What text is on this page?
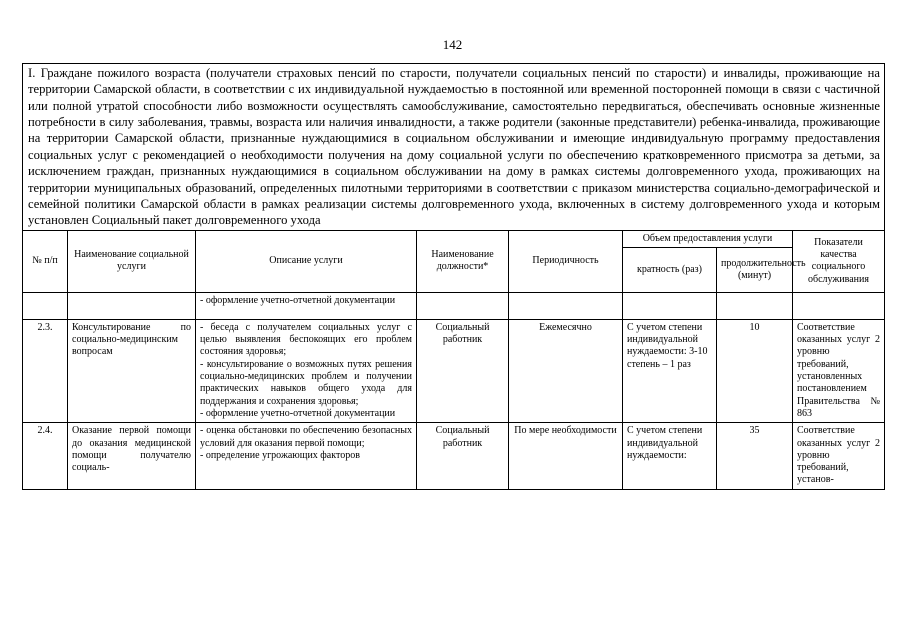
142
I. Граждане пожилого возраста (получатели страховых пенсий по старости, получатели социальных пенсий по старости) и инвалиды, проживающие на территории Самарской области, в соответствии с их индивидуальной нуждаемостью в постоянной или временной посторонней помощи в связи с частичной или полной утратой способности либо возможности осуществлять самообслуживание, самостоятельно передвигаться, обеспечивать основные жизненные потребности в силу заболевания, травмы, возраста или наличия инвалидности, а также родители (законные представители) ребенка-инвалида, проживающие на территории Самарской области, признанные нуждающимися в социальном обслуживании и имеющие индивидуальную программу предоставления социальных услуг с рекомендацией о необходимости получения на дому социальной услуги по обеспечению кратковременного присмотра за детьми, за исключением граждан, признанных нуждающимися в социальном обслуживании на дому в рамках системы долговременного ухода, проживающих на территории муниципальных образований, определенных пилотными территориями в соответствии с приказом министерства социально-демографической и семейной политики Самарской области в рамках реализации системы долговременного ухода, включенных в систему долговременного ухода и которым установлен Социальный пакет долговременного ухода							
№ п/п	Наименование социальной услуги	Описание услуги	Наименование должности*	Периодичность	Объем предоставления услуги		Показатели качества социального обслуживания
					кратность (раз)	продолжительность (минут)	
		- оформление учетно-отчетной документации					
2.3.	Консультирование по социально-медицинским вопросам	- беседа с получателем социальных услуг с целью выявления беспокоящих его проблем состояния здоровья;
- консультирование о возможных путях решения социально-медицинских проблем и получении практических навыков общего ухода для поддержания и сохранения здоровья;
- оформление учетно-отчетной документации	Социальный работник	Ежемесячно	С учетом степени индивидуальной нуждаемости: 3-10 степень – 1 раз	10	Соответствие оказанных услуг 2 уровню требований, установленных постановлением Правительства № 863
2.4.	Оказание первой помощи до оказания медицинской помощи получателю социаль-	- оценка обстановки по обеспечению безопасных условий для оказания первой помощи;
- определение угрожающих факторов	Социальный работник	По мере необходимости	С учетом степени индивидуальной нуждаемости:	35	Соответствие оказанных услуг 2 уровню требований, установ-
